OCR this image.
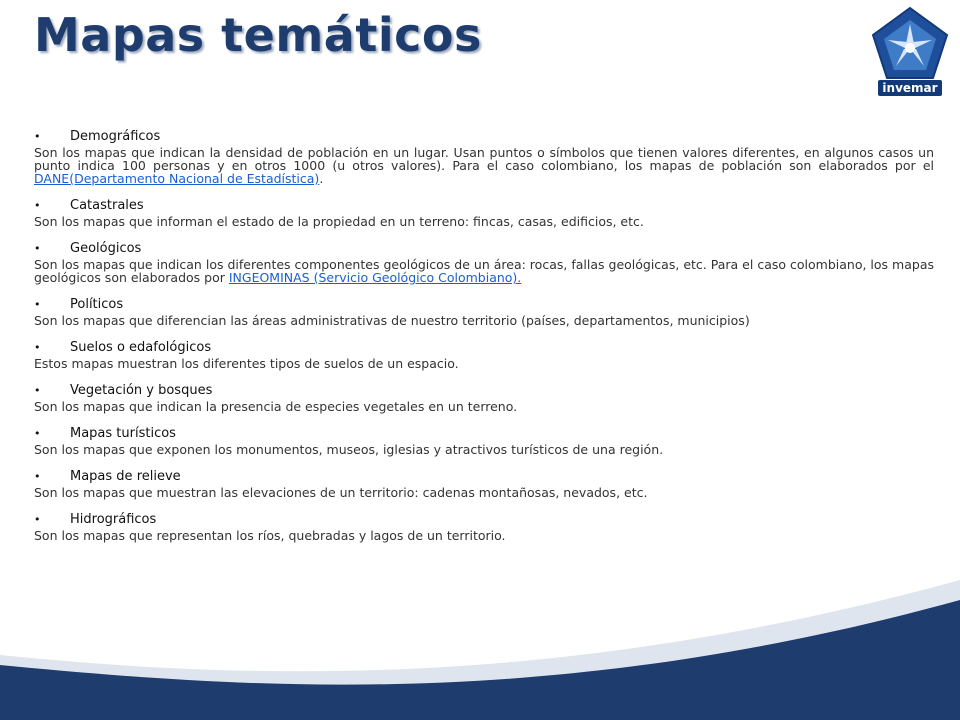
Mapas temáticos
invemar
•	Demográficos
Son los mapas que indican la densidad de población en un lugar. Usan puntos o símbolos que tienen valores diferentes, en algunos casos un punto indica 100 personas y en otros 1000 (u otros valores). Para el caso colombiano, los mapas de población son elaborados por el DANE(Departamento Nacional de Estadística).
•	Catastrales
Son los mapas que informan el estado de la propiedad en un terreno: fincas, casas, edificios, etc.
•	Geológicos
Son los mapas que indican los diferentes componentes geológicos de un área: rocas, fallas geológicas, etc. Para el caso colombiano, los mapas geológicos son elaborados por INGEOMINAS (Servicio Geológico Colombiano).
•	Políticos
Son los mapas que diferencian las áreas administrativas de nuestro territorio (países, departamentos, municipios)
•	Suelos o edafológicos
Estos mapas muestran los diferentes tipos de suelos de un espacio.
•	Vegetación y bosques
Son los mapas que indican la presencia de especies vegetales en un terreno.
•	Mapas turísticos
Son los mapas que exponen los monumentos, museos, iglesias y atractivos turísticos de una región.
•	Mapas de relieve
Son los mapas que muestran las elevaciones de un territorio: cadenas montañosas, nevados, etc.
•	Hidrográficos
Son los mapas que representan los ríos, quebradas y lagos de un territorio.
